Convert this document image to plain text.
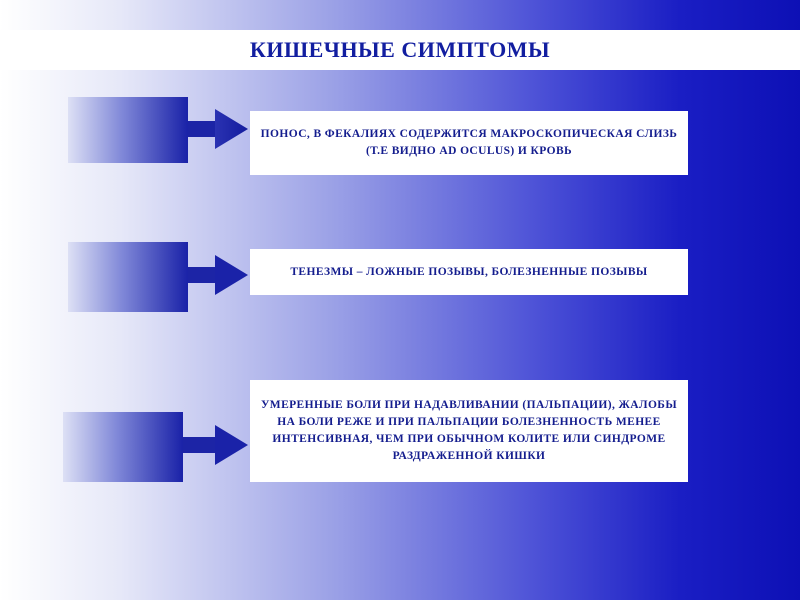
КИШЕЧНЫЕ СИМПТОМЫ
ПОНОС, В ФЕКАЛИЯХ СОДЕРЖИТСЯ МАКРОСКОПИЧЕСКАЯ СЛИЗЬ (Т.Е ВИДНО AD OCULUS) И КРОВЬ
ТЕНЕЗМЫ – ЛОЖНЫЕ ПОЗЫВЫ, БОЛЕЗНЕННЫЕ ПОЗЫВЫ
УМЕРЕННЫЕ БОЛИ ПРИ НАДАВЛИВАНИИ (ПАЛЬПАЦИИ), ЖАЛОБЫ НА БОЛИ РЕЖЕ И ПРИ ПАЛЬПАЦИИ БОЛЕЗНЕННОСТЬ МЕНЕЕ ИНТЕНСИВНАЯ, ЧЕМ ПРИ ОБЫЧНОМ КОЛИТЕ ИЛИ СИНДРОМЕ РАЗДРАЖЕННОЙ КИШКИ
